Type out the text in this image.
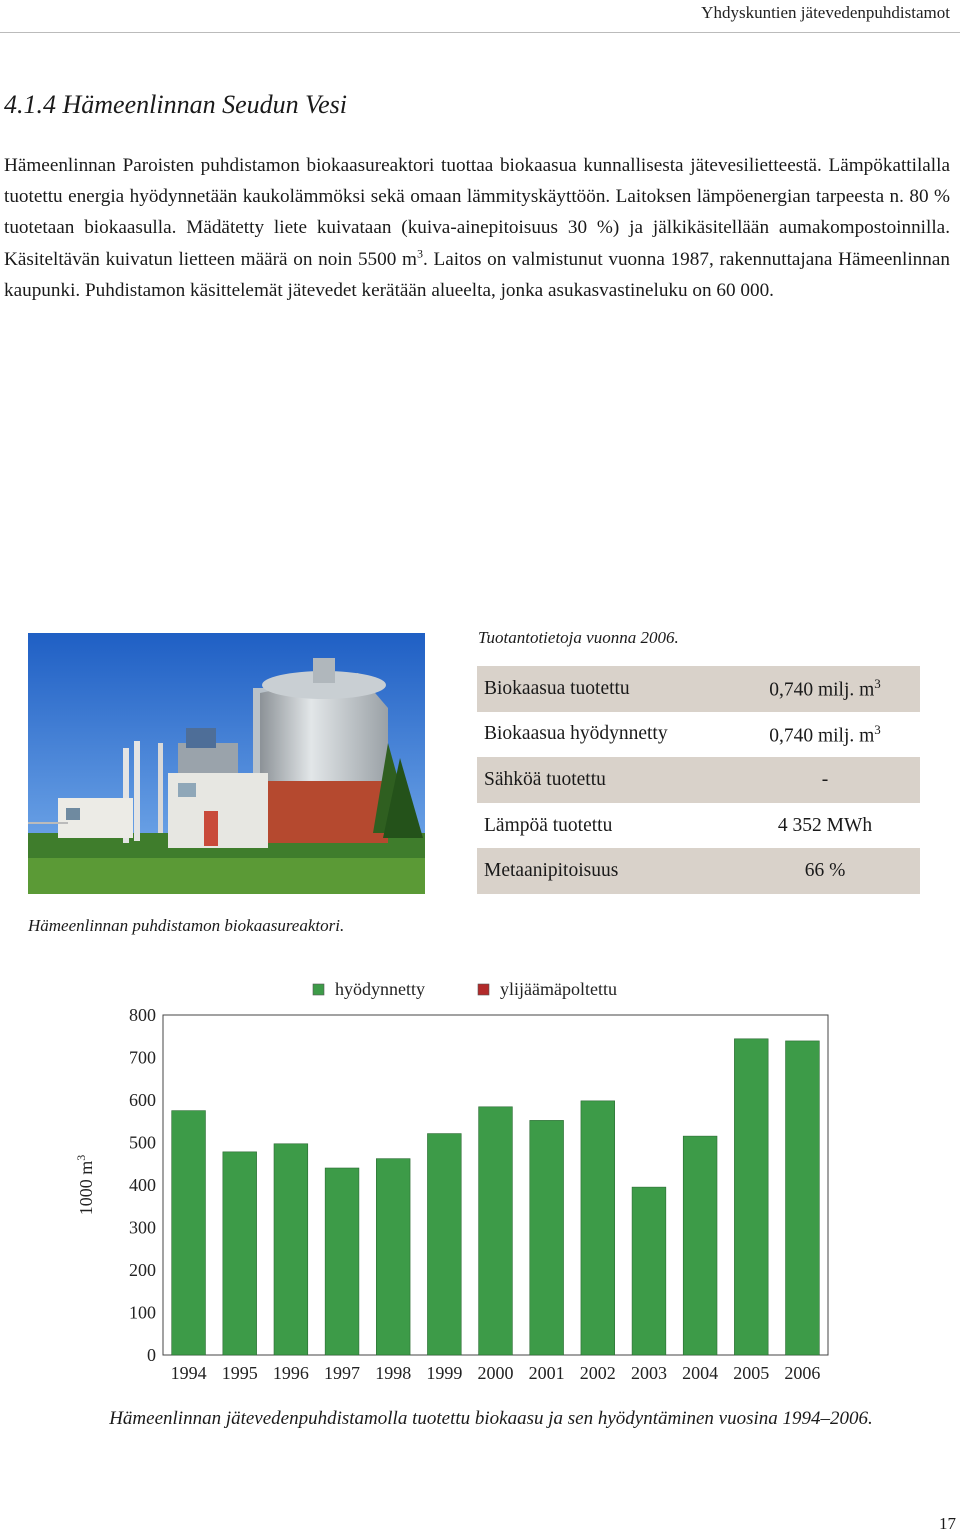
Yhdyskuntien jätevedenpuhdistamot
4.1.4 Hämeenlinnan Seudun Vesi

Hämeenlinnan Paroisten puhdistamon biokaasureaktori tuottaa biokaasua kunnallisesta jätevesilietteestä. Lämpökattilalla tuotettu energia hyödynnetään kaukolämmöksi sekä omaan lämmityskäyttöön. Laitoksen lämpöenergian tarpeesta n. 80 % tuotetaan biokaasulla. Mädätetty liete kuivataan (kuiva-ainepitoisuus 30 %) ja jälkikäsitellään aumakompostoinnilla. Käsiteltävän kuivatun lietteen määrä on noin 5500 $m^3$. Laitos on valmistunut vuonna 1987, rakennuttajana Hämeenlinnan kaupunki. Puhdistamon käsittelemät jätevedet kerätään alueelta, jonka asukasvastineluku on 60 000.

Hämeenlinnan puhdistamon biokaasureaktori.
Tuotantotietoja vuonna 2006.
Biokaasua tuotettu	0,740 milj. $m^3$
Biokaasua hyödynnetty	0,740 milj. $m^3$
Sähköä tuotettu	-
Lämpöä tuotettu	4 352 MWh
Metaanipitoisuus	66 %
0
100
200
300
400
500
600
700
800
1000 $m^3$
1994 1995 1996 1997 1998 1999 2000 2001 2002 2003 2004 2005 2006
hyödynnetty	ylijäämäpoltettu
Hämeenlinnan jätevedenpuhdistamolla tuotettu biokaasu ja sen hyödyntäminen vuosina 1994–2006.
17
